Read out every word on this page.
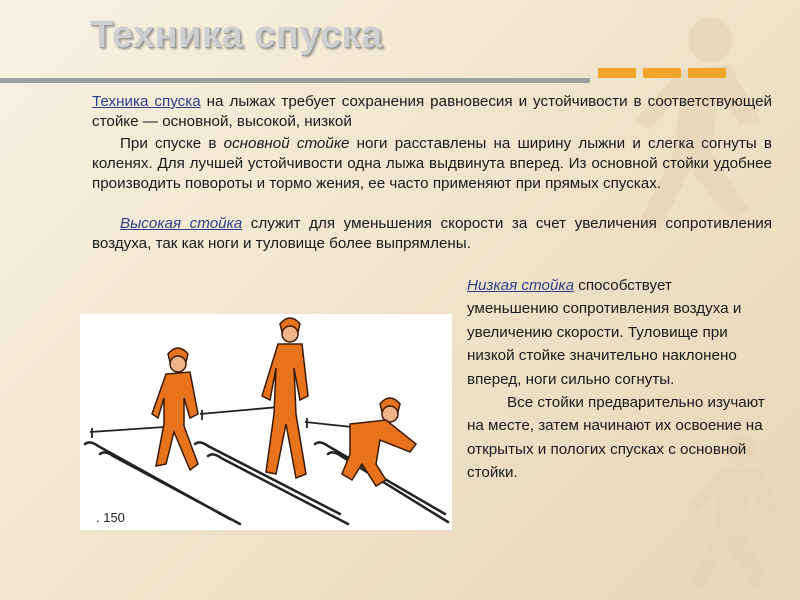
Техника спуска

Техника спуска на лыжах требует сохранения равновесия и устойчивости в соответствующей стойке — основной, высокой, низкой

При спуске в основной стойке ноги расставлены на ширину лыжни и слегка согнуты в коленях. Для лучшей устойчивости одна лыжа выдвинута вперед. Из основной стойки удобнее производить повороты и тормо жения, ее часто применяют при прямых спусках.

Высокая стойка служит для уменьшения скорости за счет увеличения сопротивления воздуха, так как ноги и туловище более выпрямлены.

Низкая стойка способствует уменьшению сопротивления воздуха и увеличению скорости. Туловище при низкой стойке значительно наклонено вперед, ноги сильно согнуты.
Все стойки предварительно изучают на месте, затем начинают их освоение на открытых и пологих спусках с основной стойки.

. 150
